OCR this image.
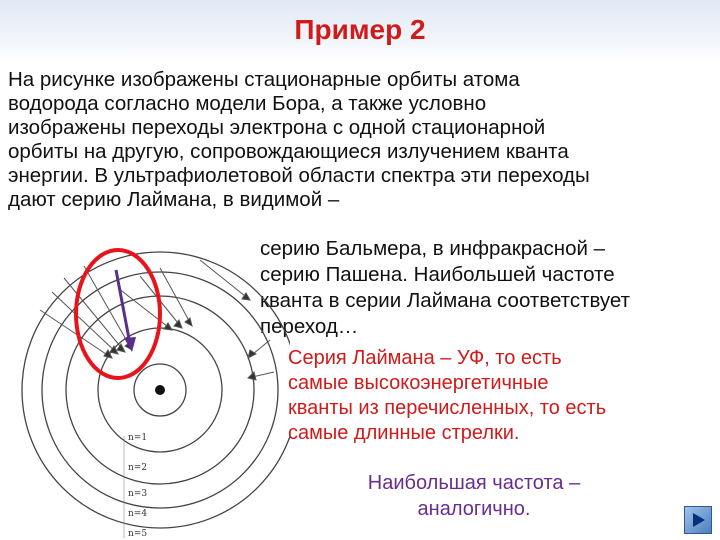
Пример 2
На рисунке изображены стационарные орбиты атома
водорода согласно модели Бора, а также условно
изображены переходы электрона с одной стационарной
орбиты на другую, сопровождающиеся излучением кванта
энергии. В ультрафиолетовой области спектра эти переходы
дают серию Лаймана, в видимой –
серию Бальмера, в инфракрасной –
серию Пашена. Наибольшей частоте
кванта в серии Лаймана соответствует
переход…
Серия Лаймана – УФ, то есть
самые высокоэнергетичные
кванты из перечисленных, то есть
самые длинные стрелки.
Наибольшая частота –
аналогично.
n=1
n=2
n=3
n=4
n=5
